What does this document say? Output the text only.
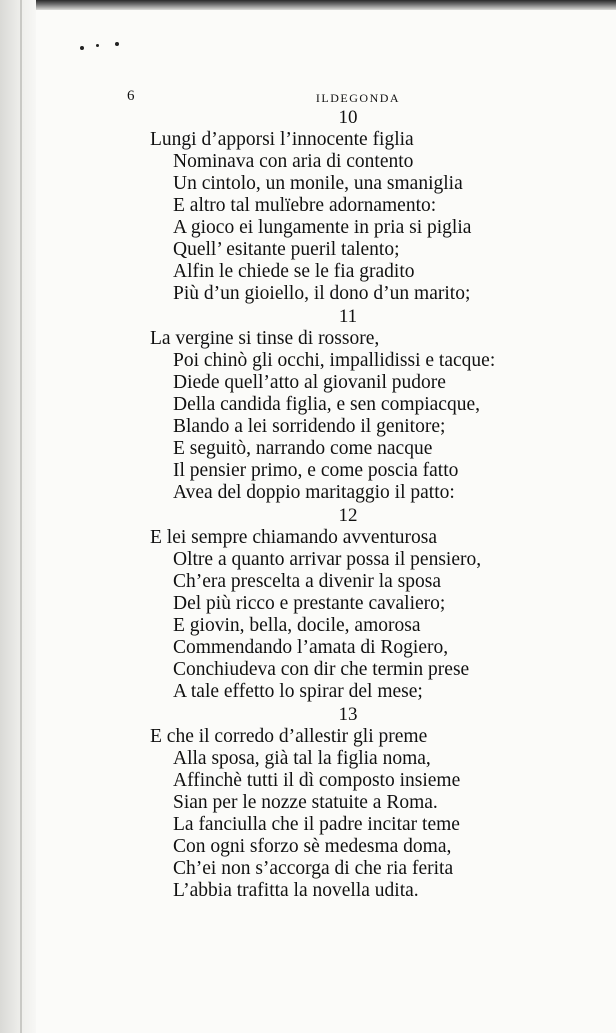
6	ILDEGONDA
10
Lungi d’apporsi l’innocente figlia
Nominava con aria di contento
Un cintolo, un monile, una smaniglia
E altro tal mulïebre adornamento:
A gioco ei lungamente in pria si piglia
Quell’ esitante pueril talento;
Alfin le chiede se le fia gradito
Più d’un gioiello, il dono d’un marito;
11
La vergine si tinse di rossore,
Poi chinò gli occhi, impallidissi e tacque:
Diede quell’atto al giovanil pudore
Della candida figlia, e sen compiacque,
Blando a lei sorridendo il genitore;
E seguitò, narrando come nacque
Il pensier primo, e come poscia fatto
Avea del doppio maritaggio il patto:
12
E lei sempre chiamando avventurosa
Oltre a quanto arrivar possa il pensiero,
Ch’era prescelta a divenir la sposa
Del più ricco e prestante cavaliero;
E giovin, bella, docile, amorosa
Commendando l’amata di Rogiero,
Conchiudeva con dir che termin prese
A tale effetto lo spirar del mese;
13
E che il corredo d’allestir gli preme
Alla sposa, già tal la figlia noma,
Affinchè tutti il dì composto insieme
Sian per le nozze statuite a Roma.
La fanciulla che il padre incitar teme
Con ogni sforzo sè medesma doma,
Ch’ei non s’accorga di che ria ferita
L’abbia trafitta la novella udita.
